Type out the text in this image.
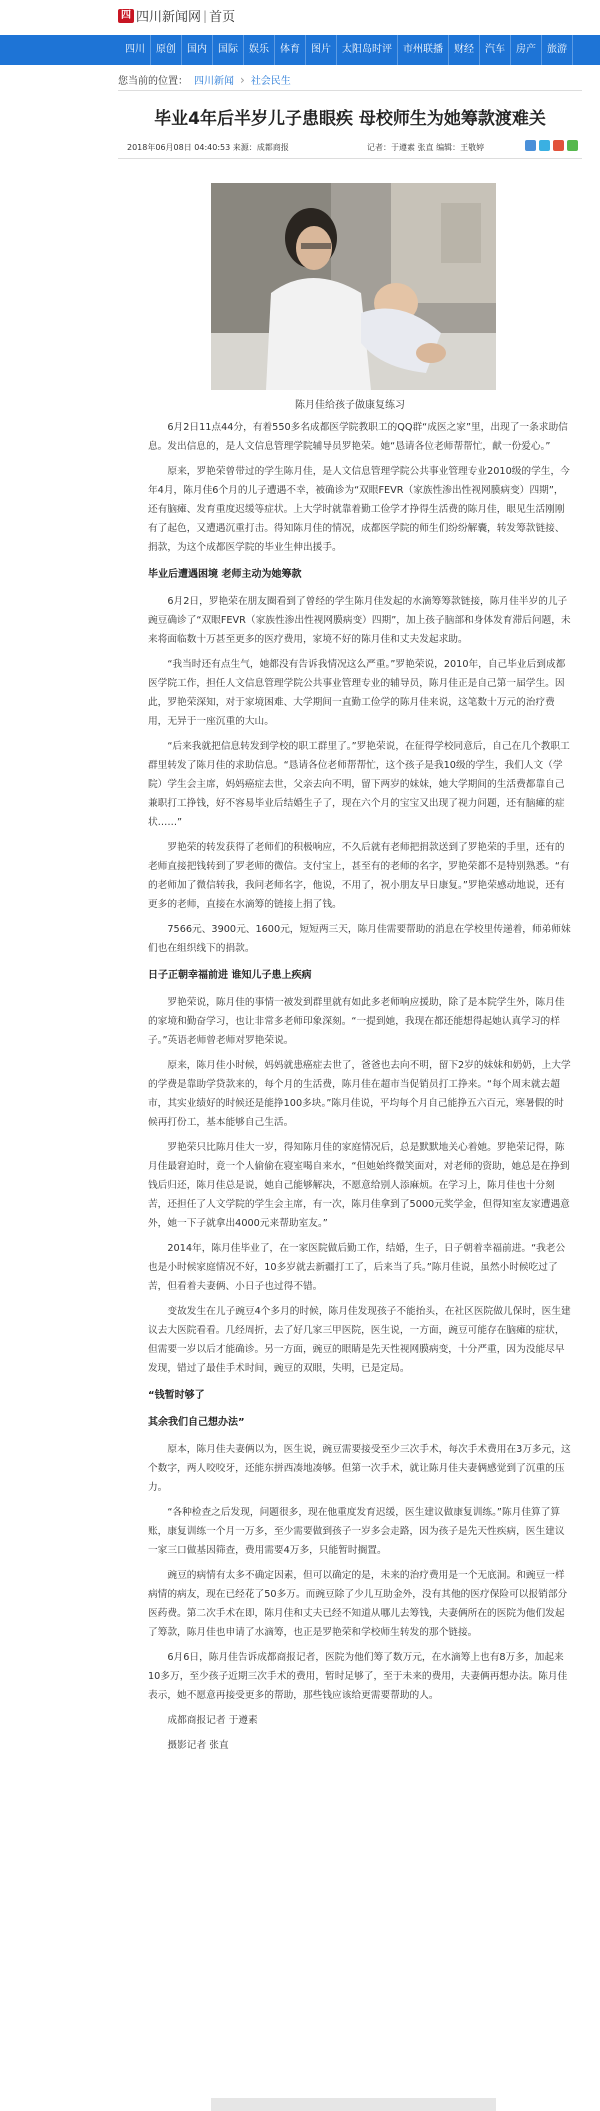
四 四川新闻网 | 首页
四川	原创	国内	国际	娱乐	体育	图片	太阳岛时评	市州联播	财经	汽车	房产	旅游
您当前的位置： 四川新闻 › 社会民生
毕业4年后半岁儿子患眼疾 母校师生为她筹款渡难关
2018年06月08日 04:40:53 来源：成都商报	记者：于遵素 张直 编辑：王敬婷
陈月佳给孩子做康复练习

6月2日11点44分，有着550多名成都医学院教职工的QQ群“成医之家”里，出现了一条求助信息。发出信息的，是人文信息管理学院辅导员罗艳荣。她“恳请各位老师帮帮忙，献一份爱心。”

原来，罗艳荣曾带过的学生陈月佳，是人文信息管理学院公共事业管理专业2010级的学生，今年4月，陈月佳6个月的儿子遭遇不幸，被确诊为“双眼FEVR（家族性渗出性视网膜病变）四期”，还有脑瘫、发育重度迟缓等症状。上大学时就靠着勤工俭学才挣得生活费的陈月佳，眼见生活刚刚有了起色，又遭遇沉重打击。得知陈月佳的情况，成都医学院的师生们纷纷解囊，转发筹款链接、捐款，为这个成都医学院的毕业生伸出援手。

毕业后遭遇困境 老师主动为她筹款

6月2日，罗艳荣在朋友圈看到了曾经的学生陈月佳发起的水滴筹筹款链接，陈月佳半岁的儿子豌豆确诊了“双眼FEVR（家族性渗出性视网膜病变）四期”，加上孩子脑部和身体发育滞后问题，未来将面临数十万甚至更多的医疗费用，家境不好的陈月佳和丈夫发起求助。

“我当时还有点生气，她都没有告诉我情况这么严重。”罗艳荣说，2010年，自己毕业后到成都医学院工作，担任人文信息管理学院公共事业管理专业的辅导员，陈月佳正是自己第一届学生。因此，罗艳荣深知，对于家境困难、大学期间一直勤工俭学的陈月佳来说，这笔数十万元的治疗费用，无异于一座沉重的大山。

“后来我就把信息转发到学校的职工群里了。”罗艳荣说，在征得学校同意后，自己在几个教职工群里转发了陈月佳的求助信息。“恳请各位老师帮帮忙，这个孩子是我10级的学生，我们人文（学院）学生会主席，妈妈癌症去世，父亲去向不明，留下两岁的妹妹，她大学期间的生活费都靠自己兼职打工挣钱，好不容易毕业后结婚生子了，现在六个月的宝宝又出现了视力问题，还有脑瘫的症状……”

罗艳荣的转发获得了老师们的积极响应，不久后就有老师把捐款送到了罗艳荣的手里，还有的老师直接把钱转到了罗老师的微信。支付宝上，甚至有的老师的名字，罗艳荣都不是特别熟悉。“有的老师加了微信转我，我问老师名字，他说，不用了，祝小朋友早日康复。”罗艳荣感动地说，还有更多的老师，直接在水滴筹的链接上捐了钱。

7566元、3900元、1600元，短短两三天，陈月佳需要帮助的消息在学校里传递着，师弟师妹们也在组织线下的捐款。

日子正朝幸福前进 谁知儿子患上疾病

罗艳荣说，陈月佳的事情一被发到群里就有如此多老师响应援助，除了是本院学生外，陈月佳的家境和勤奋学习，也让非常多老师印象深刻。“一提到她，我现在都还能想得起她认真学习的样子。”英语老师曾老师对罗艳荣说。

原来，陈月佳小时候，妈妈就患癌症去世了，爸爸也去向不明，留下2岁的妹妹和奶奶，上大学的学费是靠助学贷款来的，每个月的生活费，陈月佳在超市当促销员打工挣来。“每个周末就去超市，其实业绩好的时候还是能挣100多块。”陈月佳说，平均每个月自己能挣五六百元，寒暑假的时候再打份工，基本能够自己生活。

罗艳荣只比陈月佳大一岁，得知陈月佳的家庭情况后，总是默默地关心着她。罗艳荣记得，陈月佳最窘迫时，竟一个人偷偷在寝室喝自来水，“但她始终微笑面对，对老师的资助，她总是在挣到钱后归还，陈月佳总是说，她自己能够解决，不愿意给别人添麻烦。在学习上，陈月佳也十分刻苦，还担任了人文学院的学生会主席，有一次，陈月佳拿到了5000元奖学金，但得知室友家遭遇意外，她一下子就拿出4000元来帮助室友。”

2014年，陈月佳毕业了，在一家医院做后勤工作，结婚，生子，日子朝着幸福前进。“我老公也是小时候家庭情况不好，10多岁就去新疆打工了，后来当了兵。”陈月佳说，虽然小时候吃过了苦，但看着夫妻俩、小日子也过得不错。

变故发生在儿子豌豆4个多月的时候，陈月佳发现孩子不能抬头，在社区医院做儿保时，医生建议去大医院看看。几经周折，去了好几家三甲医院，医生说，一方面，豌豆可能存在脑瘫的症状，但需要一岁以后才能确诊。另一方面，豌豆的眼睛是先天性视网膜病变，十分严重，因为没能尽早发现，错过了最佳手术时间，豌豆的双眼，失明，已是定局。

“钱暂时够了

其余我们自己想办法”

原本，陈月佳夫妻俩以为，医生说，豌豆需要接受至少三次手术，每次手术费用在3万多元，这个数字，两人咬咬牙，还能东拼西凑地凑够。但第一次手术，就让陈月佳夫妻俩感觉到了沉重的压力。

“各种检查之后发现，问题很多，现在他重度发育迟缓，医生建议做康复训练。”陈月佳算了算账，康复训练一个月一万多，至少需要做到孩子一岁多会走路，因为孩子是先天性疾病，医生建议一家三口做基因筛查，费用需要4万多，只能暂时搁置。

豌豆的病情有太多不确定因素，但可以确定的是，未来的治疗费用是一个无底洞。和豌豆一样病情的病友，现在已经花了50多万。而豌豆除了少儿互助金外，没有其他的医疗保险可以报销部分医药费。第二次手术在即，陈月佳和丈夫已经不知道从哪儿去筹钱，夫妻俩所在的医院为他们发起了筹款，陈月佳也申请了水滴筹，也正是罗艳荣和学校师生转发的那个链接。

6月6日，陈月佳告诉成都商报记者，医院为他们筹了数万元，在水滴筹上也有8万多，加起来10多万，至少孩子近期三次手术的费用，暂时足够了，至于未来的费用，夫妻俩再想办法。陈月佳表示，她不愿意再接受更多的帮助，那些钱应该给更需要帮助的人。

成都商报记者 于遵素

摄影记者 张直
